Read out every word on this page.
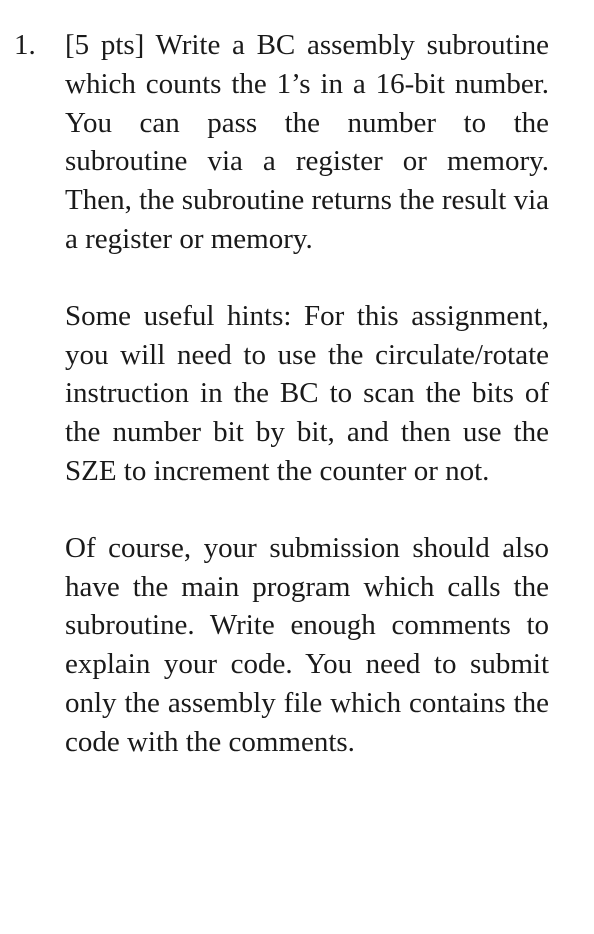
1. [5 pts] Write a BC assembly subroutine which counts the 1’s in a 16-bit number. You can pass the number to the subroutine via a register or memory. Then, the subroutine returns the result via a register or memory.

Some useful hints: For this assignment, you will need to use the circulate/rotate instruction in the BC to scan the bits of the number bit by bit, and then use the SZE to increment the counter or not.

Of course, your submission should also have the main program which calls the subroutine. Write enough comments to explain your code. You need to submit only the assembly file which contains the code with the comments.
